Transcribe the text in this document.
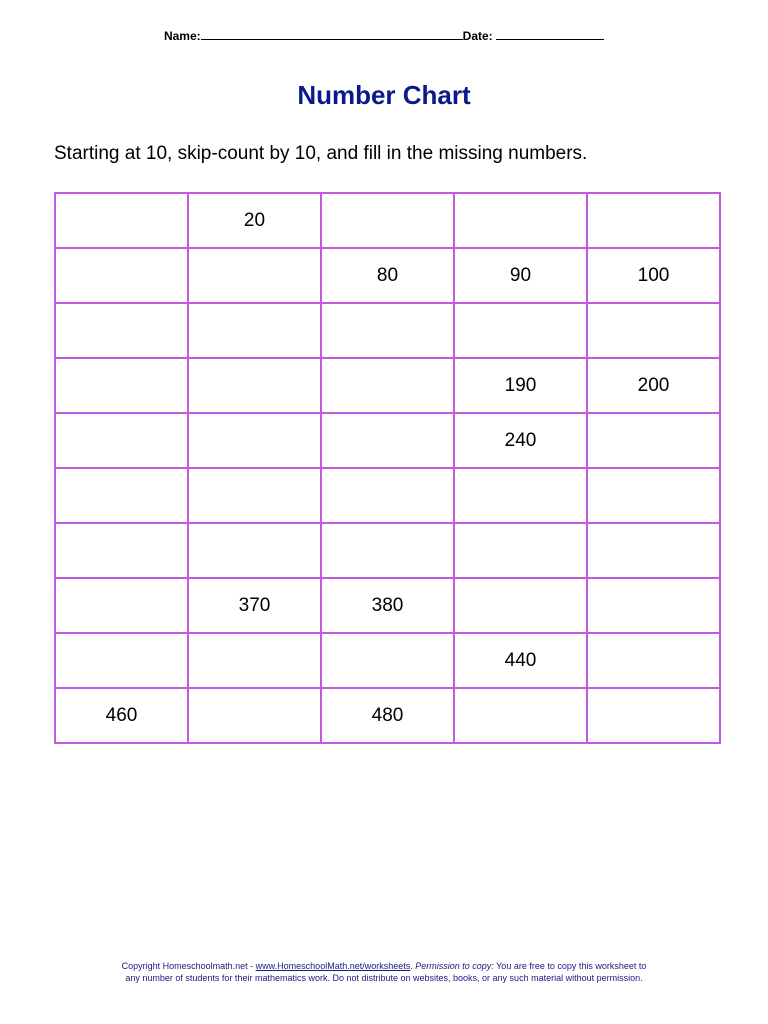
Name:	Date:
Number Chart
Starting at 10, skip-count by 10, and fill in the missing numbers.
	20			
		80	90	100

			190	200
			240	

	370	380		
			440	
460		480		
Copyright Homeschoolmath.net - www.HomeschoolMath.net/worksheets. Permission to copy: You are free to copy this worksheet to
any number of students for their mathematics work. Do not distribute on websites, books, or any such material without permission.
